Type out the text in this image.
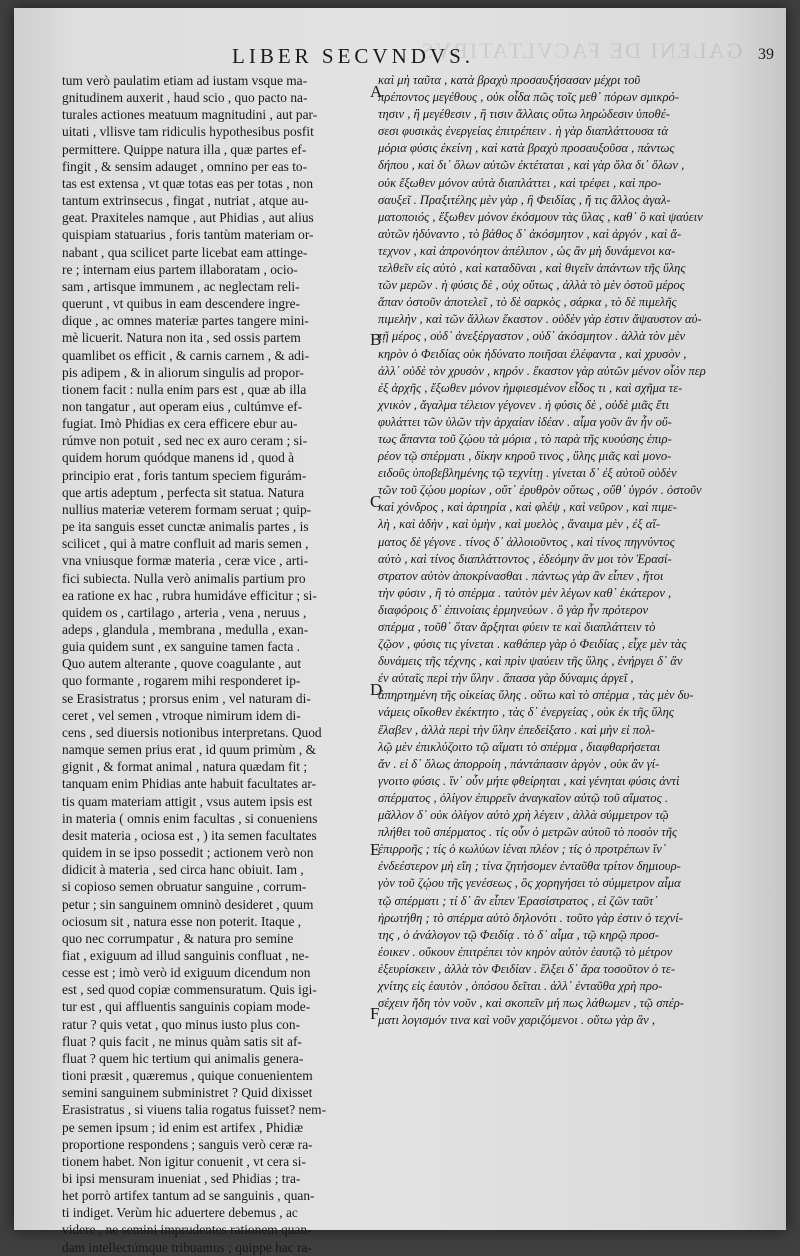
GALENI DE FACVLTATIBVS
LIBER SECVNDVS.	39
tum verò paulatim etiam ad iustam vsque ma-
gnitudinem auxerit , haud scio , quo pacto na-
turales actiones meatuum magnitudini , aut par-
uitati , vllisve tam ridiculis hypothesibus posfit
permittere. Quippe natura illa , quæ partes ef-
fingit , & sensim adauget , omnino per eas to-
tas est extensa , vt quæ totas eas per totas , non
tantum extrinsecus , fingat , nutriat , atque au-
geat. Praxiteles namque , aut Phidias , aut alius
quispiam statuarius , foris tantùm materiam or-
nabant , qua scilicet parte licebat eam attinge-
re ; internam eius partem illaboratam , ocio-
sam , artisque immunem , ac neglectam reli-
querunt , vt quibus in eam descendere ingre-
dique , ac omnes materiæ partes tangere mini-
mè licuerit. Natura non ita , sed ossis partem
quamlibet os efficit , & carnis carnem , & adi-
pis adipem , & in aliorum singulis ad propor-
tionem facit : nulla enim pars est , quæ ab illa
non tangatur , aut operam eius , cultúmve ef-
fugiat. Imò Phidias ex cera efficere ebur au-
rúmve non potuit , sed nec ex auro ceram ; si-
quidem horum quódque manens id , quod à
principio erat , foris tantum speciem figurám-
que artis adeptum , perfecta sit statua. Natura
nullius materiæ veterem formam seruat ; quip-
pe ita sanguis esset cunctæ animalis partes , is
scilicet , qui à matre confluit ad maris semen ,
vna vniusque formæ materia , ceræ vice , arti-
fici subiecta. Nulla verò animalis partium pro
ea ratione ex hac , rubra humidáve efficitur ; si-
quidem os , cartilago , arteria , vena , neruus ,
adeps , glandula , membrana , medulla , exan-
guia quidem sunt , ex sanguine tamen facta .
Quo autem alterante , quove coagulante , aut
quo formante , rogarem mihi responderet ip-
se Erasistratus ; prorsus enim , vel naturam di-
ceret , vel semen , vtroque nimirum idem di-
cens , sed diuersis notionibus interpretans. Quod
namque semen prius erat , id quum primùm , &
gignit , & format animal , natura quædam fit ;
tanquam enim Phidias ante habuit facultates ar-
tis quam materiam attigit , vsus autem ipsis est
in materia ( omnis enim facultas , si conueniens
desit materia , ociosa est , ) ita semen facultates
quidem in se ipso possedit ; actionem verò non
didicit à materia , sed circa hanc obiuit. Iam ,
si copioso semen obruatur sanguine , corrum-
petur ; sin sanguinem omninò desideret , quum
ociosum sit , natura esse non poterit. Itaque ,
quo nec corrumpatur , & natura pro semine
fiat , exiguum ad illud sanguinis confluat , ne-
cesse est ; imò verò id exiguum dicendum non
est , sed quod copiæ commensuratum. Quis igi-
tur est , qui affluentis sanguinis copiam mode-
ratur ? quis vetat , quo minus iusto plus con-
fluat ? quis facit , ne minus quàm satis sit af-
fluat ? quem hic tertium qui animalis genera-
tioni præsit , quæremus , quique conuenientem
semini sanguinem subministret ? Quid dixisset
Erasistratus , si viuens talia rogatus fuisset? nem-
pe semen ipsum ; id enim est artifex , Phidiæ
proportione respondens ; sanguis verò ceræ ra-
tionem habet. Non igitur conuenit , vt cera si-
bi ipsi mensuram inueniat , sed Phidias ; tra-
het porrò artifex tantum ad se sanguinis , quan-
ti indiget. Verùm hic aduertere debemus , ac
videre , ne semini imprudentes rationem quan-
dam intellectúmque tribuamus ; quippe hac ra-
καὶ μὴ ταῦτα , κατὰ βραχὺ προσαυξήσασαν μέχρι τοῦ
πρέποντος μεγέθους , οὐκ οἶδα πῶς τοῖς μεθ᾽ πόρων σμικρό-
τησιν , ἢ μεγέθεσιν , ἢ τισιν ἄλλαις οὕτω ληρώδεσιν ὑποθέ-
σεσι φυσικὰς ἐνεργείας ἐπιτρέπειν . ἡ γὰρ διαπλάττουσα τὰ
μόρια φύσις ἐκείνη , καὶ κατὰ βραχὺ προσαυξοῦσα , πάντως
δήπου , καὶ δι᾽ ὅλων αὐτῶν ἐκτέταται , καὶ γὰρ ὅλα δι᾽ ὅλων ,
οὐκ ἔξωθεν μόνον αὐτὰ διαπλάττει , καὶ τρέφει , καὶ προ-
σαυξεῖ . Πραξιτέλης μὲν γὰρ , ἢ Φειδίας , ἤ τις ἄλλος ἀγαλ-
ματοποιός , ἔξωθεν μόνον ἐκόσμουν τὰς ὕλας , καθ᾽ ὃ καὶ ψαύειν
αὐτῶν ἠδύναντο , τὸ βάθος δ᾽ ἀκόσμητον , καὶ ἀργόν , καὶ ἄ-
τεχνον , καὶ ἀπρονόητον ἀπέλιπον , ὡς ἂν μὴ δυνάμενοι κα-
τελθεῖν εἰς αὐτὸ , καὶ καταδῦναι , καὶ θιγεῖν ἁπάντων τῆς ὕλης
τῶν μερῶν . ἡ φύσις δὲ , οὐχ οὕτως , ἀλλὰ τὸ μὲν ὀστοῦ μέρος
ἅπαν ὀστοῦν ἀποτελεῖ , τὸ δὲ σαρκὸς , σάρκα , τὸ δὲ πιμελῆς
πιμελὴν , καὶ τῶν ἄλλων ἕκαστον . οὐδὲν γὰρ ἐστιν ἄψαυστον αὐ-
τῇ μέρος , οὐδ᾽ ἀνεξέργαστον , οὐδ᾽ ἀκόσμητον . ἀλλὰ τὸν μὲν
κηρὸν ὁ Φειδίας οὐκ ἠδύνατο ποιῆσαι ἐλέφαντα , καὶ χρυσὸν ,
ἀλλ᾽ οὐδὲ τὸν χρυσὸν , κηρόν . ἕκαστον γὰρ αὐτῶν μένον οἷόν περ
ἐξ ἀρχῆς , ἔξωθεν μόνον ἠμφιεσμένον εἶδος τι , καὶ σχῆμα τε-
χνικὸν , ἄγαλμα τέλειον γέγονεν . ἡ φύσις δὲ , οὐδὲ μιᾶς ἔτι
φυλάττει τῶν ὑλῶν τὴν ἀρχαίαν ἰδέαν . αἷμα γοῦν ἂν ἦν οὕ-
τως ἅπαντα τοῦ ζῴου τὰ μόρια , τὸ παρὰ τῆς κυούσης ἐπιρ-
ρέον τῷ σπέρματι , δίκην κηροῦ τινος , ὕλης μιᾶς καὶ μονο-
ειδοῦς ὑποβεβλημένης τῷ τεχνίτῃ . γίνεται δ᾽ ἐξ αὐτοῦ οὐδὲν
τῶν τοῦ ζῴου μορίων , οὔτ᾽ ἐρυθρὸν οὕτως , οὔθ᾽ ὑγρόν . ὀστοῦν
καὶ χόνδρος , καὶ ἀρτηρία , καὶ φλέψ , καὶ νεῦρον , καὶ πιμε-
λὴ , καὶ ἀδὴν , καὶ ὑμὴν , καὶ μυελὸς , ἄναιμα μὲν , ἐξ αἵ-
ματος δὲ γέγονε . τίνος δ᾽ ἀλλοιοῦντος , καὶ τίνος πηγνύντος
αὐτὸ , καὶ τίνος διαπλάττοντος , ἐδεόμην ἂν μοι τὸν Ἐρασί-
στρατον αὐτὸν ἀποκρίνασθαι . πάντως γὰρ ἂν εἶπεν , ἤτοι
τὴν φύσιν , ἢ τὸ σπέρμα . ταὐτὸν μὲν λέγων καθ᾽ ἑκάτερον ,
διαφόροις δ᾽ ἐπινοίαις ἑρμηνεύων . ὃ γὰρ ἦν πρότερον
σπέρμα , τοῦθ᾽ ὅταν ἄρξηται φύειν τε καὶ διαπλάττειν τὸ
ζῷον , φύσις τις γίνεται . καθάπερ γὰρ ὁ Φειδίας , εἶχε μὲν τὰς
δυνάμεις τῆς τέχνης , καὶ πρὶν ψαύειν τῆς ὕλης , ἐνήργει δ᾽ ἂν
ἐν αὐταῖς περὶ τὴν ὕλην . ἅπασα γὰρ δύναμις ἀργεῖ ,
ἀπηρτημένη τῆς οἰκείας ὕλης . οὕτω καὶ τὸ σπέρμα , τὰς μὲν δυ-
νάμεις οἴκοθεν ἐκέκτητο , τὰς δ᾽ ἐνεργείας , οὐκ ἐκ τῆς ὕλης
ἔλαβεν , ἀλλὰ περὶ τὴν ὕλην ἐπεδείξατο . καὶ μὴν εἰ πολ-
λῷ μὲν ἐπικλύζοιτο τῷ αἵματι τὸ σπέρμα , διαφθαρήσεται
ἄν . εἰ δ᾽ ὅλως ἀπορροίη , πάντάπασιν ἀργὸν , οὐκ ἂν γί-
γνοιτο φύσις . ἵν᾽ οὖν μήτε φθείρηται , καὶ γένηται φύσις ἀντὶ
σπέρματος , ὀλίγον ἐπιρρεῖν ἀναγκαῖον αὐτῷ τοῦ αἵματος .
μᾶλλον δ᾽ οὐκ ὀλίγον αὐτὸ χρὴ λέγειν , ἀλλὰ σύμμετρον τῷ
πλήθει τοῦ σπέρματος . τίς οὖν ὁ μετρῶν αὐτοῦ τὸ ποσὸν τῆς
ἐπιρροῆς ; τίς ὁ κωλύων ἰέναι πλέον ; τίς ὁ προτρέπων ἵν᾽
ἐνδεέστερον μὴ εἴη ; τίνα ζητήσομεν ἐνταῦθα τρίτον δημιουρ-
γὸν τοῦ ζῴου τῆς γενέσεως , ὃς χορηγήσει τὸ σύμμετρον αἷμα
τῷ σπέρματι ; τί δ᾽ ἂν εἶπεν Ἐρασίστρατος , εἰ ζῶν ταῦτ᾽
ἠρωτήθη ; τὸ σπέρμα αὐτὸ δηλονότι . τοῦτο γὰρ ἐστιν ὁ τεχνί-
της , ὁ ἀνάλογον τῷ Φειδίᾳ . τὸ δ᾽ αἷμα , τῷ κηρῷ προσ-
έοικεν . οὔκουν ἐπιτρέπει τὸν κηρὸν αὐτὸν ἑαυτῷ τὸ μέτρον
ἐξευρίσκειν , ἀλλὰ τὸν Φειδίαν . ἕλξει δ᾽ ἄρα τοσοῦτον ὁ τε-
χνίτης εἰς ἑαυτὸν , ὁπόσου δεῖται . ἀλλ᾽ ἐνταῦθα χρὴ προ-
σέχειν ἤδη τὸν νοῦν , καὶ σκοπεῖν μή πως λάθωμεν , τῷ σπέρ-
ματι λογισμόν τινα καὶ νοῦν χαριζόμενοι . οὕτω γὰρ ἂν ,
A
B
C
D
E
F
